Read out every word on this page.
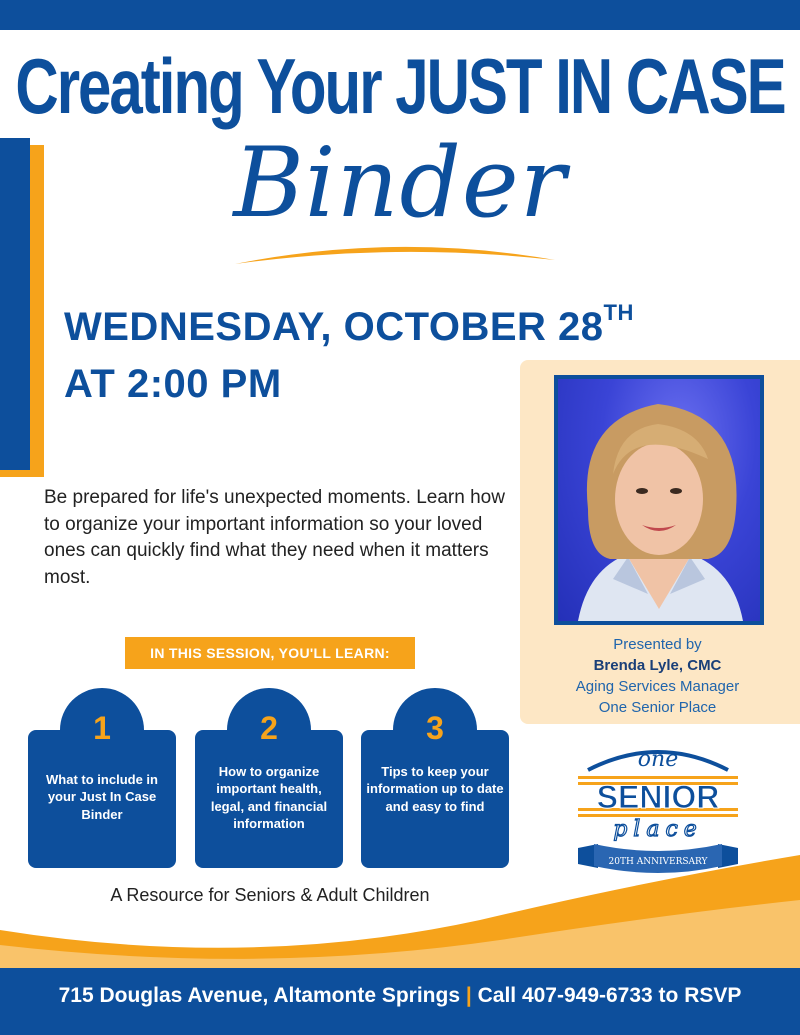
Creating Your JUST IN CASE
Binder
WEDNESDAY, OCTOBER 28TH
AT 2:00 PM
Presented by
Brenda Lyle, CMC
Aging Services Manager
One Senior Place
Be prepared for life's unexpected moments. Learn how to organize your important information so your loved ones can quickly find what they need when it matters most.
IN THIS SESSION, YOU'LL LEARN:
1
What to include in your Just In Case Binder
2
How to organize important health, legal, and financial information
3
Tips to keep your information up to date and easy to find
A Resource for Seniors & Adult Children
one
SENIOR
place
20TH ANNIVERSARY
715 Douglas Avenue, Altamonte Springs | Call 407-949-6733 to RSVP
